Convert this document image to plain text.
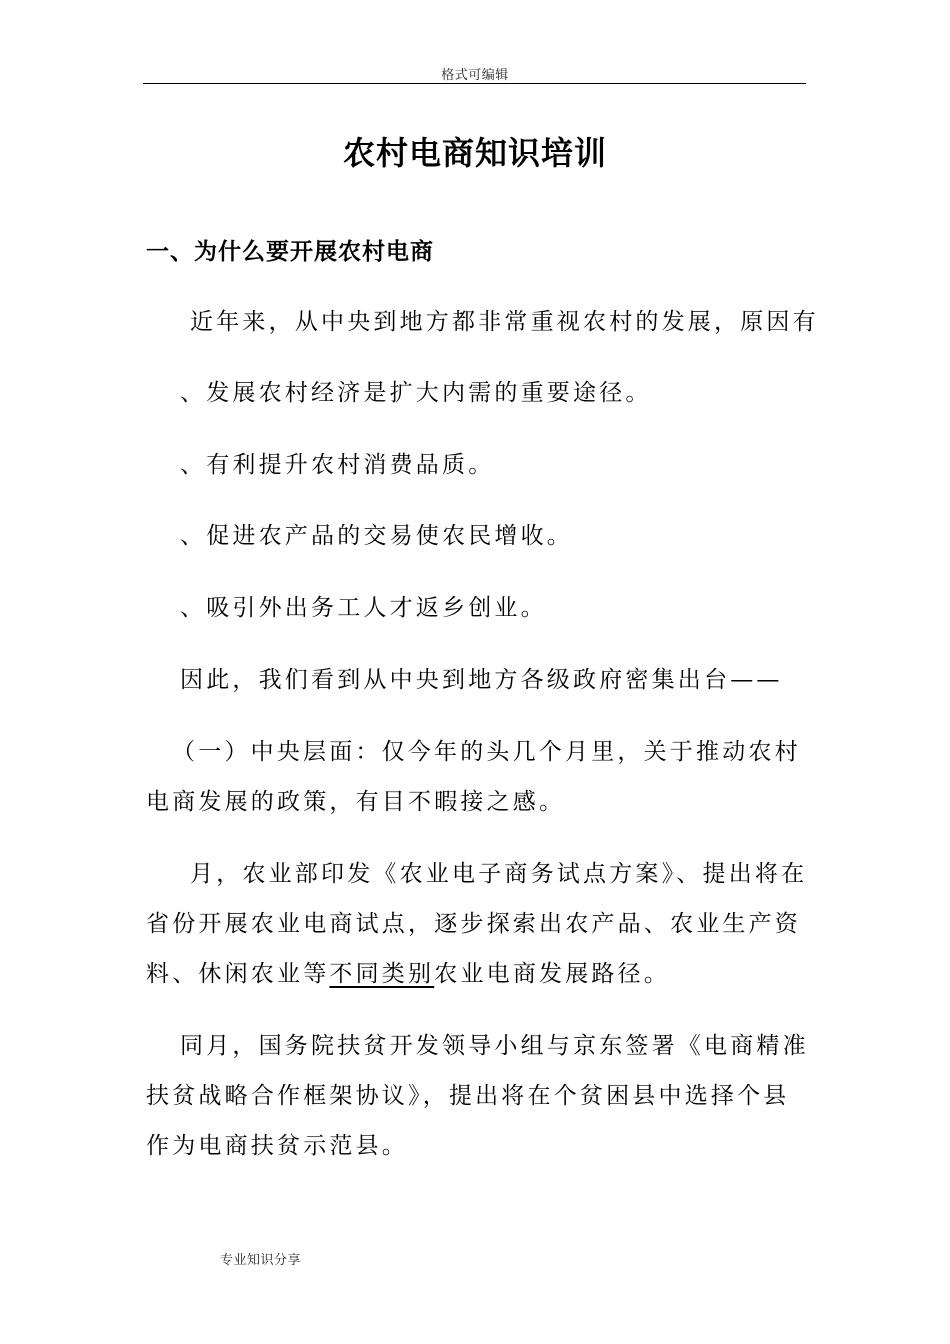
格式可编辑
农村电商知识培训
一、为什么要开展农村电商
近年来，从中央到地方都非常重视农村的发展，原因有
、发展农村经济是扩大内需的重要途径。
、有利提升农村消费品质。
、促进农产品的交易使农民增收。
、吸引外出务工人才返乡创业。
因此，我们看到从中央到地方各级政府密集出台——
（一）中央层面：仅今年的头几个月里，关于推动农村
电商发展的政策，有目不暇接之感。
月，农业部印发《农业电子商务试点方案》、提出将在
省份开展农业电商试点，逐步探索出农产品、农业生产资
料、休闲农业等不同类别农业电商发展路径。
同月，国务院扶贫开发领导小组与京东签署《电商精准
扶贫战略合作框架协议》，提出将在个贫困县中选择个县
作为电商扶贫示范县。
专业知识分享
